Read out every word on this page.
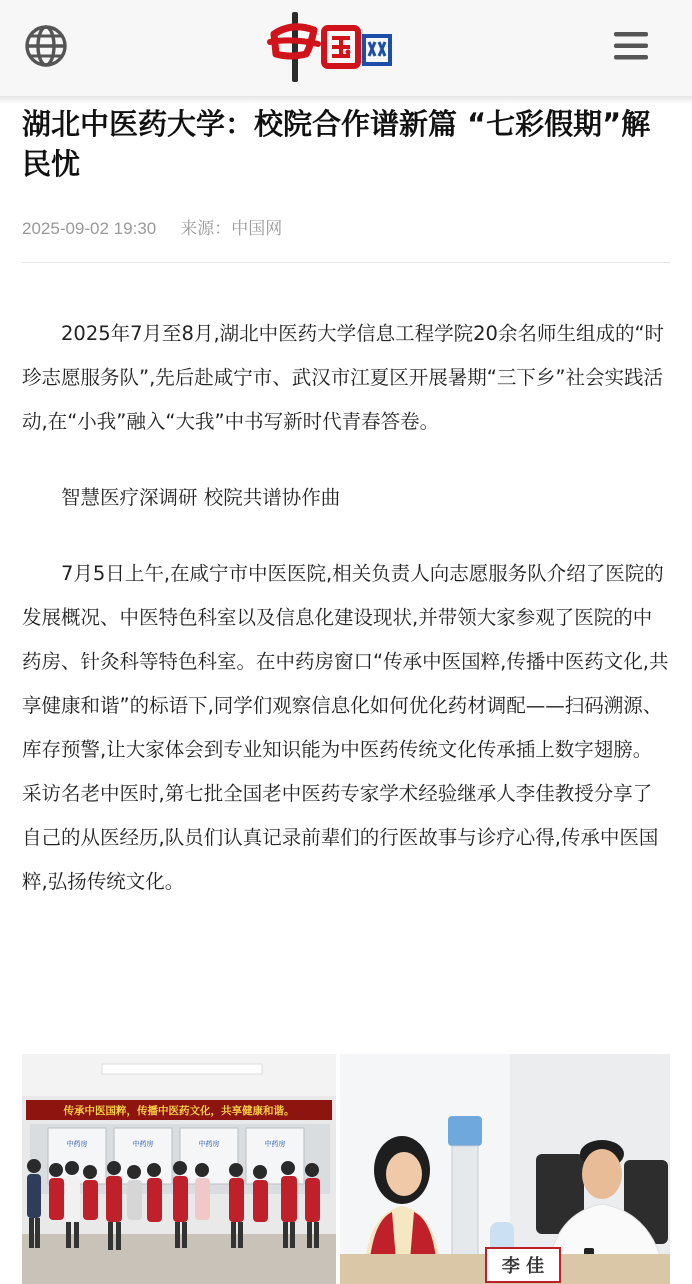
湖北中医药大学：校院合作谱新篇 “七彩假期”解民忧
2025-09-02 19:30 来源：中国网

2025年7月至8月,湖北中医药大学信息工程学院20余名师生组成的“时珍志愿服务队”,先后赴咸宁市、武汉市江夏区开展暑期“三下乡”社会实践活动,在“小我”融入“大我”中书写新时代青春答卷。

智慧医疗深调研 校院共谱协作曲

7月5日上午,在咸宁市中医医院,相关负责人向志愿服务队介绍了医院的发展概况、中医特色科室以及信息化建设现状,并带领大家参观了医院的中药房、针灸科等特色科室。在中药房窗口“传承中医国粹,传播中医药文化,共享健康和谐”的标语下,同学们观察信息化如何优化药材调配——扫码溯源、库存预警,让大家体会到专业知识能为中医药传统文化传承插上数字翅膀。采访名老中医时,第七批全国老中医药专家学术经验继承人李佳教授分享了自己的从医经历,队员们认真记录前辈们的行医故事与诊疗心得,传承中医国粹,弘扬传统文化。

传承中医国粹，传播中医药文化，共享健康和谐。
中药房	中药房	中药房	中药房
李 佳
